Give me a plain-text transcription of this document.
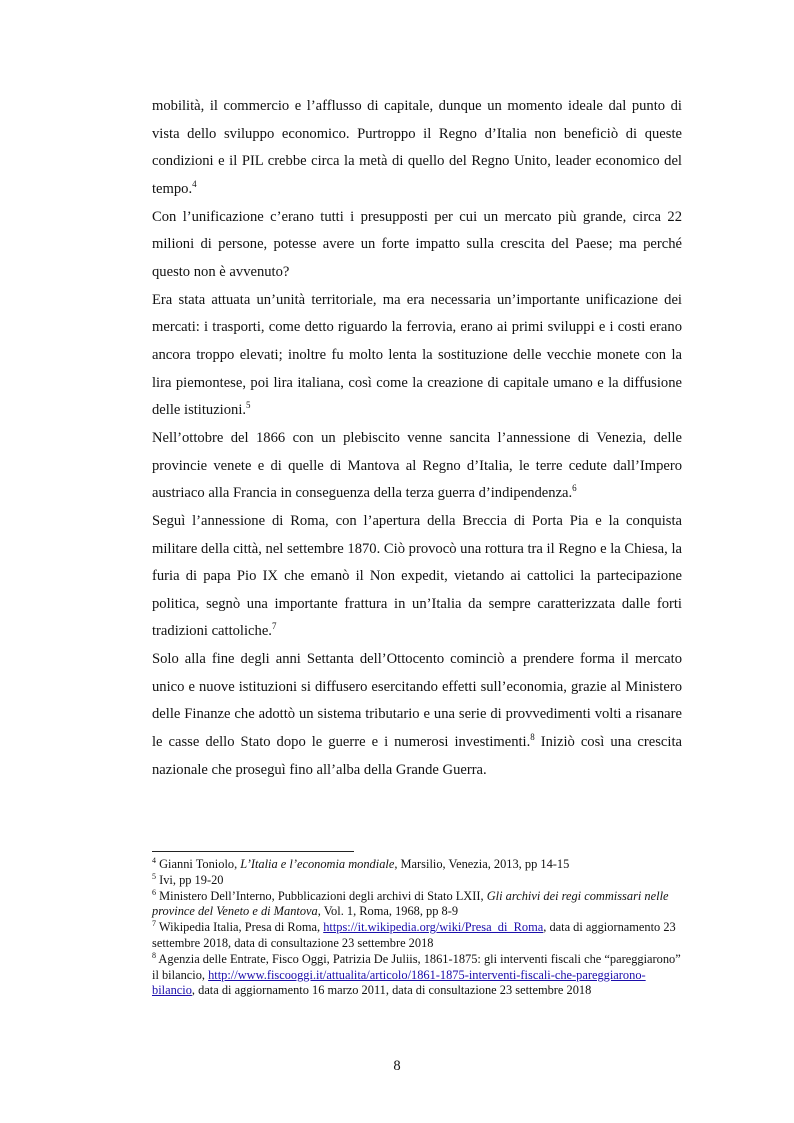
mobilità, il commercio e l’afflusso di capitale, dunque un momento ideale dal punto di vista dello sviluppo economico. Purtroppo il Regno d’Italia non beneficiò di queste condizioni e il PIL crebbe circa la metà di quello del Regno Unito, leader economico del tempo.$^4$

Con l’unificazione c’erano tutti i presupposti per cui un mercato più grande, circa 22 milioni di persone, potesse avere un forte impatto sulla crescita del Paese; ma perché questo non è avvenuto?

Era stata attuata un’unità territoriale, ma era necessaria un’importante unificazione dei mercati: i trasporti, come detto riguardo la ferrovia, erano ai primi sviluppi e i costi erano ancora troppo elevati; inoltre fu molto lenta la sostituzione delle vecchie monete con la lira piemontese, poi lira italiana, così come la creazione di capitale umano e la diffusione delle istituzioni.$^5$

Nell’ottobre del 1866 con un plebiscito venne sancita l’annessione di Venezia, delle provincie venete e di quelle di Mantova al Regno d’Italia, le terre cedute dall’Impero austriaco alla Francia in conseguenza della terza guerra d’indipendenza.$^6$

Seguì l’annessione di Roma, con l’apertura della Breccia di Porta Pia e la conquista militare della città, nel settembre 1870. Ciò provocò una rottura tra il Regno e la Chiesa, la furia di papa Pio IX che emanò il Non expedit, vietando ai cattolici la partecipazione politica, segnò una importante frattura in un’Italia da sempre caratterizzata dalle forti tradizioni cattoliche.$^7$

Solo alla fine degli anni Settanta dell’Ottocento cominciò a prendere forma il mercato unico e nuove istituzioni si diffusero esercitando effetti sull’economia, grazie al Ministero delle Finanze che adottò un sistema tributario e una serie di provvedimenti volti a risanare le casse dello Stato dopo le guerre e i numerosi investimenti.$^8$ Iniziò così una crescita nazionale che proseguì fino all’alba della Grande Guerra.

$^4$ Gianni Toniolo, L’Italia e l’economia mondiale, Marsilio, Venezia, 2013, pp 14-15

$^5$ Ivi, pp 19-20

$^6$ Ministero Dell’Interno, Pubblicazioni degli archivi di Stato LXII, Gli archivi dei regi commissari nelle province del Veneto e di Mantova, Vol. 1, Roma, 1968, pp 8-9

$^7$ Wikipedia Italia, Presa di Roma, https://it.wikipedia.org/wiki/Presa_di_Roma, data di aggiornamento 23 settembre 2018, data di consultazione 23 settembre 2018

$^8$ Agenzia delle Entrate, Fisco Oggi, Patrizia De Juliis, 1861-1875: gli interventi fiscali che “pareggiarono” il bilancio, http://www.fiscooggi.it/attualita/articolo/1861-1875-interventi-fiscali-che-pareggiarono-bilancio, data di aggiornamento 16 marzo 2011, data di consultazione 23 settembre 2018

8
